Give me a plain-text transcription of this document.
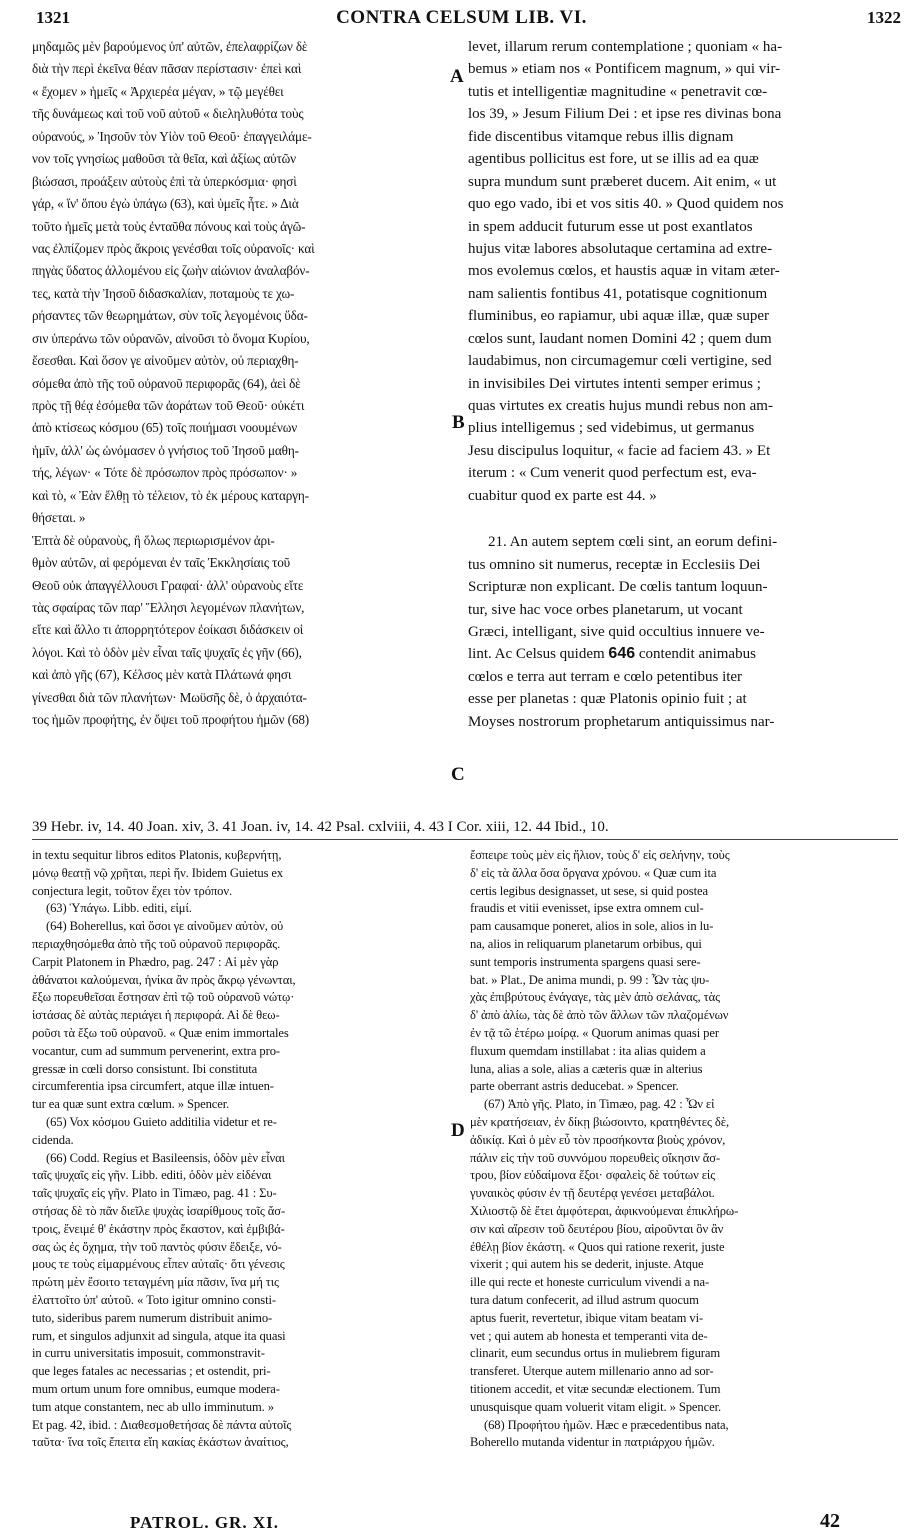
1321	CONTRA CELSUM LIB. VI.	1322
μηδαμῶς μὲν βαρούμενος ὑπ' αὐτῶν, ἐπελαφρίζων δὲ
διὰ τὴν περὶ ἐκεῖνα θέαν πᾶσαν περίστασιν· ἐπεὶ καὶ
« ἔχομεν » ἡμεῖς « Ἀρχιερέα μέγαν, » τῷ μεγέθει
τῆς δυνάμεως καὶ τοῦ νοῦ αὐτοῦ « διεληλυθότα τοὺς
οὐρανούς, » Ἰησοῦν τὸν Υἱὸν τοῦ Θεοῦ· ἐπαγγειλάμε-
νον τοῖς γνησίως μαθοῦσι τὰ θεῖα, καὶ ἀξίως αὐτῶν
βιώσασι, προάξειν αὐτοὺς ἐπὶ τὰ ὑπερκόσμια· φησὶ
γάρ, « ἵν' ὅπου ἐγὼ ὑπάγω (63), καὶ ὑμεῖς ἦτε. » Διὰ
τοῦτο ἡμεῖς μετὰ τοὺς ἐνταῦθα πόνους καὶ τοὺς ἀγῶ-
νας ἐλπίζομεν πρὸς ἄκροις γενέσθαι τοῖς οὐρανοῖς· καὶ
πηγὰς ὕδατος ἀλλομένου εἰς ζωὴν αἰώνιον ἀναλαβόν-
τες, κατὰ τὴν Ἰησοῦ διδασκαλίαν, ποταμοὺς τε χω-
ρήσαντες τῶν θεωρημάτων, σὺν τοῖς λεγομένοις ὕδα-
σιν ὑπεράνω τῶν οὐρανῶν, αἰνοῦσι τὸ ὄνομα Κυρίου,
ἔσεσθαι. Καὶ ὅσον γε αἰνοῦμεν αὐτὸν, οὐ περιαχθη-
σόμεθα ἀπὸ τῆς τοῦ οὐρανοῦ περιφορᾶς (64), ἀεὶ δὲ
πρὸς τῇ θέᾳ ἐσόμεθα τῶν ἀοράτων τοῦ Θεοῦ· οὐκέτι
ἀπὸ κτίσεως κόσμου (65) τοῖς ποιήμασι νοουμένων
ἡμῖν, ἀλλ' ὡς ὠνόμασεν ὁ γνήσιος τοῦ Ἰησοῦ μαθη-
τής, λέγων· « Τότε δὲ πρόσωπον πρὸς πρόσωπον· »
καὶ τὸ, « Ἐὰν ἔλθῃ τὸ τέλειον, τὸ ἐκ μέρους καταργη-
θήσεται. »
Ἑπτὰ δὲ οὐρανοὺς, ἢ ὅλως περιωρισμένον ἀρι-
θμὸν αὐτῶν, αἱ φερόμεναι ἐν ταῖς Ἐκκλησίαις τοῦ
Θεοῦ οὐκ ἀπαγγέλλουσι Γραφαί· ἀλλ' οὐρανοὺς εἴτε
τὰς σφαίρας τῶν παρ' Ἕλλησι λεγομένων πλανήτων,
εἴτε καὶ ἄλλο τι ἀπορρητότερον ἐοίκασι διδάσκειν οἱ
λόγοι. Καὶ τὸ ὁδὸν μὲν εἶναι ταῖς ψυχαῖς ἐς γῆν (66),
καὶ ἀπὸ γῆς (67), Κέλσος μὲν κατὰ Πλάτωνά φησι
γίνεσθαι διὰ τῶν πλανήτων· Μωϋσῆς δὲ, ὁ ἀρχαιότα-
τος ἡμῶν προφήτης, ἐν ὄψει τοῦ προφήτου ἡμῶν (68)
levet, illarum rerum contemplatione ; quoniam « ha-
bemus » etiam nos « Pontificem magnum, » qui vir-
tutis et intelligentiæ magnitudine « penetravit cœ-
los 39, » Jesum Filium Dei : et ipse res divinas bona
fide discentibus vitamque rebus illis dignam
agentibus pollicitus est fore, ut se illis ad ea quæ
supra mundum sunt præberet ducem. Ait enim, « ut
quo ego vado, ibi et vos sitis 40. » Quod quidem nos
in spem adducit futurum esse ut post exantlatos
hujus vitæ labores absolutaque certamina ad extre-
mos evolemus cœlos, et haustis aquæ in vitam æter-
nam salientis fontibus 41, potatisque cognitionum
fluminibus, eo rapiamur, ubi aquæ illæ, quæ super
cœlos sunt, laudant nomen Domini 42 ; quem dum
laudabimus, non circumagemur cœli vertigine, sed
in invisibiles Dei virtutes intenti semper erimus ;
quas virtutes ex creatis hujus mundi rebus non am-
plius intelligemus ; sed videbimus, ut germanus
Jesu discipulus loquitur, « facie ad faciem 43. » Et
iterum : « Cum venerit quod perfectum est, eva-
cuabitur quod ex parte est 44. »
21. An autem septem cœli sint, an eorum defini-
tus omnino sit numerus, receptæ in Ecclesiis Dei
Scripturæ non explicant. De cœlis tantum loquun-
tur, sive hac voce orbes planetarum, ut vocant
Græci, intelligant, sive quid occultius innuere ve-
lint. Ac Celsus quidem 646 contendit animabus
cœlos e terra aut terram e cœlo petentibus iter
esse per planetas : quæ Platonis opinio fuit ; at
Moyses nostrorum prophetarum antiquissimus nar-
A
B
C
D
39 Hebr. iv, 14. 40 Joan. xiv, 3. 41 Joan. iv, 14. 42 Psal. cxlviii, 4. 43 I Cor. xiii, 12. 44 Ibid., 10.
in textu sequitur libros editos Platonis, κυβερνήτῃ,
μόνῳ θεατῇ νῷ χρῆται, περὶ ἥν. Ibidem Guietus ex
conjectura legit, τοῦτον ἔχει τὸν τρόπον.
(63) Ὑπάγω. Libb. editi, εἰμί.
(64) Boherellus, καὶ ὅσοι γε αἰνοῦμεν αὐτὸν, οὐ
περιαχθησόμεθα ἀπὸ τῆς τοῦ οὐρανοῦ περιφορᾶς.
Carpit Platonem in Phædro, pag. 247 : Αἱ μὲν γὰρ
ἀθάνατοι καλούμεναι, ἡνίκα ἂν πρὸς ἄκρῳ γένωνται,
ἔξω πορευθεῖσαι ἔστησαν ἐπὶ τῷ τοῦ οὐρανοῦ νώτῳ·
ἱστάσας δὲ αὐτὰς περιάγει ἡ περιφορά. Αἱ δὲ θεω-
ροῦσι τὰ ἔξω τοῦ οὐρανοῦ. « Quæ enim immortales
vocantur, cum ad summum pervenerint, extra pro-
gressæ in cœli dorso consistunt. Ibi constituta
circumferentia ipsa circumfert, atque illæ intuen-
tur ea quæ sunt extra cœlum. » Spencer.
(65) Vox κόσμου Guieto additilia videtur et re-
cidenda.
(66) Codd. Regius et Basileensis, ὁδὸν μὲν εἶναι
ταῖς ψυχαῖς εἰς γῆν. Libb. editi, ὁδὸν μὲν εἰδέναι
ταῖς ψυχαῖς εἰς γῆν. Plato in Timæo, pag. 41 : Συ-
στήσας δὲ τὸ πᾶν διεῖλε ψυχὰς ἰσαρίθμους τοῖς ἄσ-
τροις, ἔνειμέ θ' ἑκάστην πρὸς ἕκαστον, καὶ ἐμβιβά-
σας ὡς ἐς ὄχημα, τὴν τοῦ παντὸς φύσιν ἔδειξε, νό-
μους τε τοὺς εἱμαρμένους εἶπεν αὐταῖς· ὅτι γένεσις
πρώτη μὲν ἔσοιτο τεταγμένη μία πᾶσιν, ἵνα μή τις
ἐλαττοῖτο ὑπ' αὐτοῦ. « Toto igitur omnino consti-
tuto, sideribus parem numerum distribuit animo-
rum, et singulos adjunxit ad singula, atque ita quasi
in curru universitatis imposuit, commonstravit-
que leges fatales ac necessarias ; et ostendit, pri-
mum ortum unum fore omnibus, eumque modera-
tum atque constantem, nec ab ullo imminutum. »
Et pag. 42, ibid. : Διαθεσμοθετήσας δὲ πάντα αὐτοῖς
ταῦτα· ἵνα τοῖς ἔπειτα εἴη κακίας ἑκάστων ἀναίτιος,
ἔσπειρε τοὺς μὲν εἰς ἥλιον, τοὺς δ' εἰς σελήνην, τοὺς
δ' εἰς τὰ ἄλλα ὅσα ὄργανα χρόνου. « Quæ cum ita
certis legibus designasset, ut sese, si quid postea
fraudis et vitii evenisset, ipse extra omnem cul-
pam causamque poneret, alios in sole, alios in lu-
na, alios in reliquarum planetarum orbibus, qui
sunt temporis instrumenta spargens quasi sere-
bat. » Plat., De anima mundi, p. 99 : Ὧν τὰς ψυ-
χὰς ἐπιβρύτους ἐνάγαγε, τὰς μὲν ἀπὸ σελάνας, τὰς
δ' ἀπὸ ἀλίω, τὰς δὲ ἀπὸ τῶν ἄλλων τῶν πλαζομένων
ἐν τᾷ τῶ ἑτέρω μοίρᾳ. « Quorum animas quasi per
fluxum quemdam instillabat : ita alias quidem a
luna, alias a sole, alias a cæteris quæ in alterius
parte oberrant astris deducebat. » Spencer.
(67) Ἀπὸ γῆς. Plato, in Timæo, pag. 42 : Ὧν εἰ
μὲν κρατήσειαν, ἐν δίκῃ βιώσοιντο, κρατηθέντες δὲ,
ἀδικίᾳ. Καὶ ὁ μὲν εὖ τὸν προσήκοντα βιοὺς χρόνον,
πάλιν εἰς τὴν τοῦ συννόμου πορευθεὶς οἴκησιν ἄσ-
τρου, βίον εὐδαίμονα ἕξοι· σφαλεὶς δὲ τούτων εἰς
γυναικὸς φύσιν ἐν τῇ δευτέρᾳ γενέσει μεταβάλοι.
Χιλιοστῷ δὲ ἔτει ἀμφότεραι, ἀφικνούμεναι ἐπικλήρω-
σιν καὶ αἵρεσιν τοῦ δευτέρου βίου, αἱροῦνται ὃν ἂν
ἐθέλῃ βίον ἑκάστη. « Quos qui ratione rexerit, juste
vixerit ; qui autem his se dederit, injuste. Atque
ille qui recte et honeste curriculum vivendi a na-
tura datum confecerit, ad illud astrum quocum
aptus fuerit, revertetur, ibique vitam beatam vi-
vet ; qui autem ab honesta et temperanti vita de-
clinarit, eum secundus ortus in muliebrem figuram
transferet. Uterque autem millenario anno ad sor-
titionem accedit, et vitæ secundæ electionem. Tum
unusquisque quam voluerit vitam eligit. » Spencer.
(68) Προφήτου ἡμῶν. Hæc e præcedentibus nata,
Boherello mutanda videntur in πατριάρχου ἡμῶν.
PATROL. GR. XI.	42
